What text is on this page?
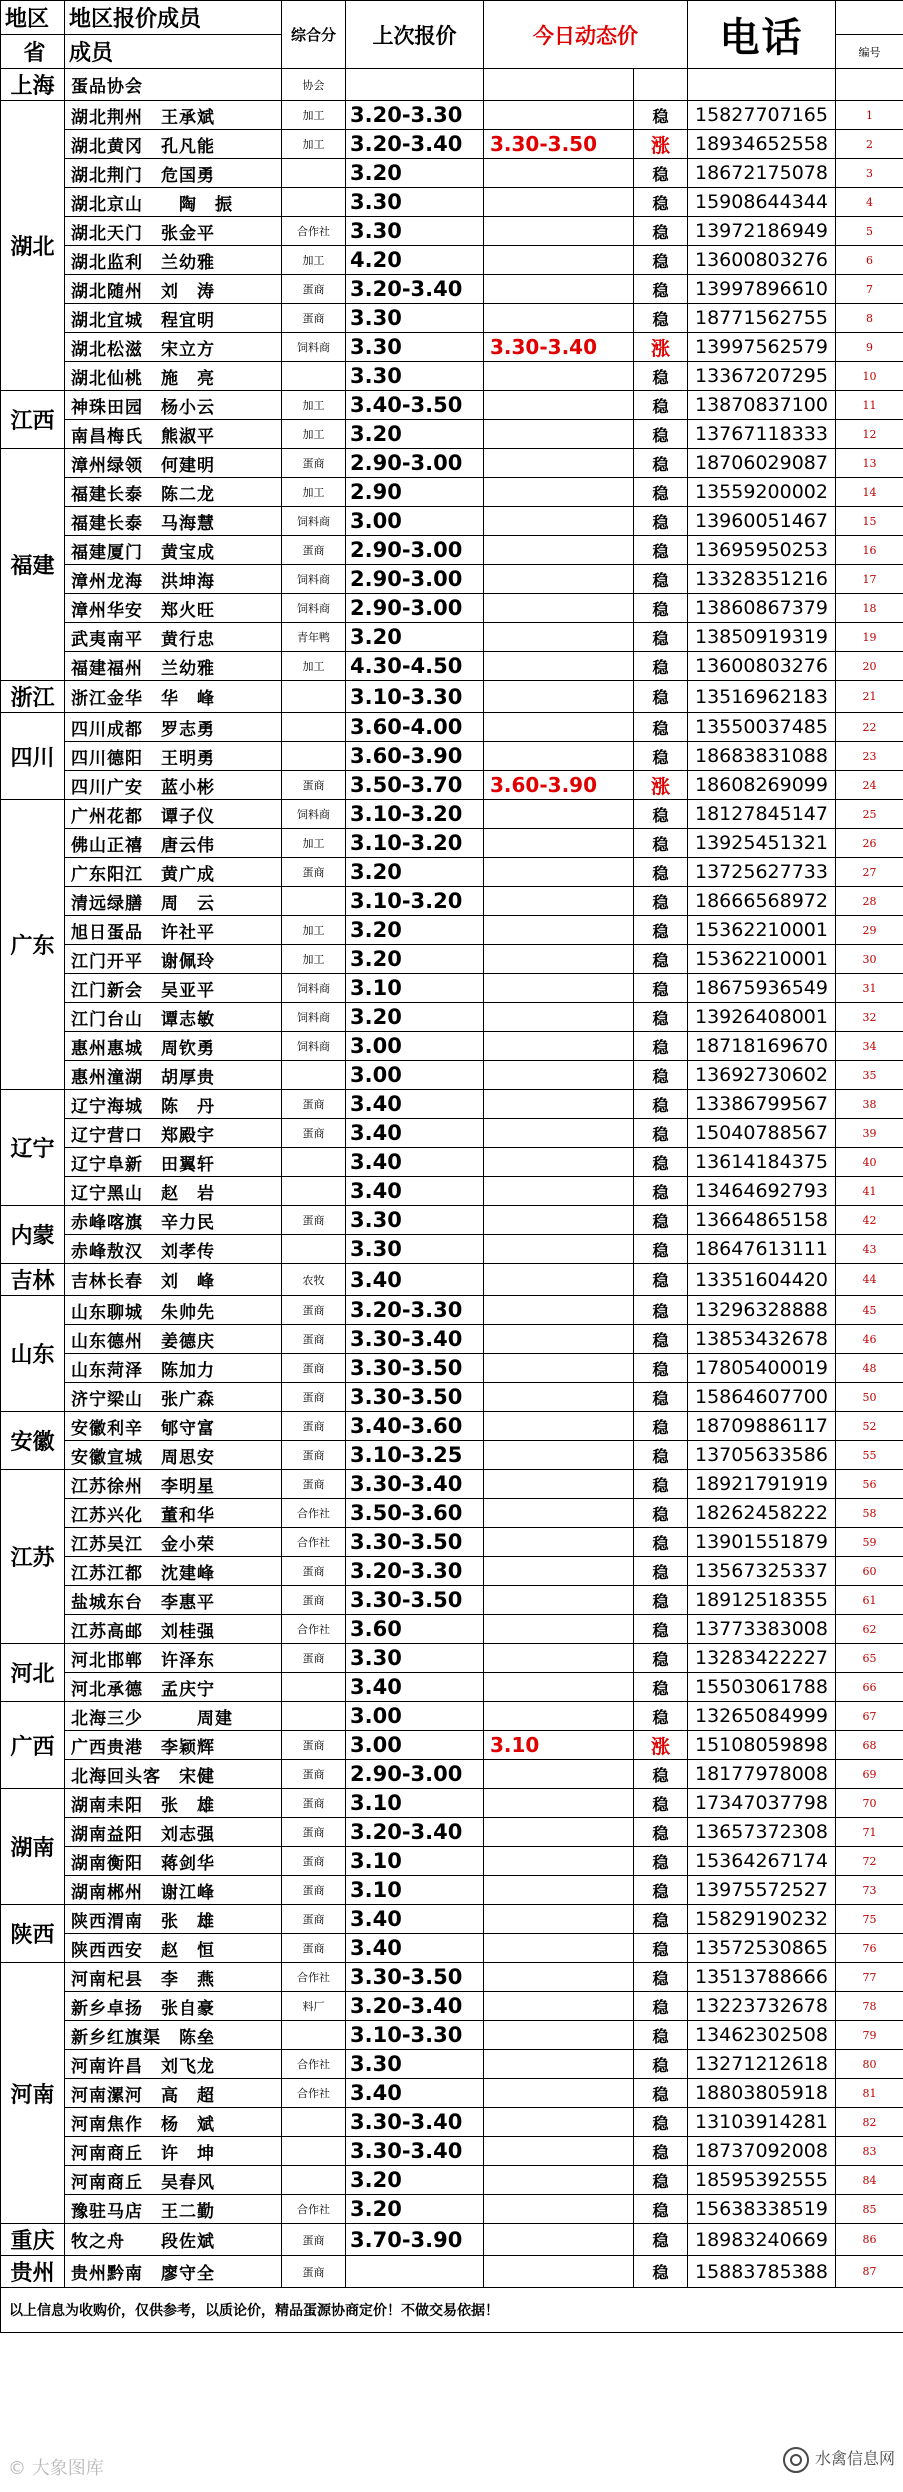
地区	地区报价成员	综合分	上次报价	今日动态价		电话	
省	成员						编号
上海	蛋品协会	协会					
湖北	湖北荆州　王承斌	加工	3.20-3.30		稳	15827707165	1
	湖北黄冈　孔凡能	加工	3.20-3.40	3.30-3.50	涨	18934652558	2
	湖北荆门　危国勇		3.20		稳	18672175078	3
	湖北京山　　陶　振		3.30		稳	15908644344	4
	湖北天门　张金平	合作社	3.30		稳	13972186949	5
	湖北监利　兰幼雅	加工	4.20		稳	13600803276	6
	湖北随州　刘　涛	蛋商	3.20-3.40		稳	13997896610	7
	湖北宜城　程宜明	蛋商	3.30		稳	18771562755	8
	湖北松滋　宋立方	饲料商	3.30	3.30-3.40	涨	13997562579	9
	湖北仙桃　施　亮		3.30		稳	13367207295	10
江西	神珠田园　杨小云	加工	3.40-3.50		稳	13870837100	11
	南昌梅氏　熊淑平	加工	3.20		稳	13767118333	12
福建	漳州绿领　何建明	蛋商	2.90-3.00		稳	18706029087	13
	福建长泰　陈二龙	加工	2.90		稳	13559200002	14
	福建长泰　马海慧	饲料商	3.00		稳	13960051467	15
	福建厦门　黄宝成	蛋商	2.90-3.00		稳	13695950253	16
	漳州龙海　洪坤海	饲料商	2.90-3.00		稳	13328351216	17
	漳州华安　郑火旺	饲料商	2.90-3.00		稳	13860867379	18
	武夷南平　黄行忠	青年鸭	3.20		稳	13850919319	19
	福建福州　兰幼雅	加工	4.30-4.50		稳	13600803276	20
浙江	浙江金华　华　峰		3.10-3.30		稳	13516962183	21
四川	四川成都　罗志勇		3.60-4.00		稳	13550037485	22
	四川德阳　王明勇		3.60-3.90		稳	18683831088	23
	四川广安　蓝小彬	蛋商	3.50-3.70	3.60-3.90	涨	18608269099	24
广东	广州花都　谭子仪	饲料商	3.10-3.20		稳	18127845147	25
	佛山正禧　唐云伟	加工	3.10-3.20		稳	13925451321	26
	广东阳江　黄广成	蛋商	3.20		稳	13725627733	27
	清远绿膳　周　云		3.10-3.20		稳	18666568972	28
	旭日蛋品　许社平	加工	3.20		稳	15362210001	29
	江门开平　谢佩玲	加工	3.20		稳	15362210001	30
	江门新会　吴亚平	饲料商	3.10		稳	18675936549	31
	江门台山　谭志敏	饲料商	3.20		稳	13926408001	32
	惠州惠城　周钦勇	饲料商	3.00		稳	18718169670	34
	惠州潼湖　胡厚贵		3.00		稳	13692730602	35
辽宁	辽宁海城　陈　丹	蛋商	3.40		稳	13386799567	38
	辽宁营口　郑殿宇	蛋商	3.40		稳	15040788567	39
	辽宁阜新　田翼轩		3.40		稳	13614184375	40
	辽宁黑山　赵　岩		3.40		稳	13464692793	41
内蒙	赤峰喀旗　辛力民	蛋商	3.30		稳	13664865158	42
	赤峰敖汉　刘孝传		3.30		稳	18647613111	43
吉林	吉林长春　刘　峰	农牧	3.40		稳	13351604420	44
山东	山东聊城　朱帅先	蛋商	3.20-3.30		稳	13296328888	45
	山东德州　姜德庆	蛋商	3.30-3.40		稳	13853432678	46
	山东菏泽　陈加力	蛋商	3.30-3.50		稳	17805400019	48
	济宁梁山　张广森	蛋商	3.30-3.50		稳	15864607700	50
安徽	安徽利辛　郇守富	蛋商	3.40-3.60		稳	18709886117	52
	安徽宣城　周思安	蛋商	3.10-3.25		稳	13705633586	55
江苏	江苏徐州　李明星	蛋商	3.30-3.40		稳	18921791919	56
	江苏兴化　董和华	合作社	3.50-3.60		稳	18262458222	58
	江苏吴江　金小荣	合作社	3.30-3.50		稳	13901551879	59
	江苏江都　沈建峰	蛋商	3.20-3.30		稳	13567325337	60
	盐城东台　李惠平	蛋商	3.30-3.50		稳	18912518355	61
	江苏高邮　刘桂强	合作社	3.60		稳	13773383008	62
河北	河北邯郸　许泽东	蛋商	3.30		稳	13283422227	65
	河北承德　孟庆宁		3.40		稳	15503061788	66
广西	北海三少　　　周建		3.00		稳	13265084999	67
	广西贵港　李颖辉	蛋商	3.00	3.10	涨	15108059898	68
	北海回头客　宋健	蛋商	2.90-3.00		稳	18177978008	69
湖南	湖南耒阳　张　雄	蛋商	3.10		稳	17347037798	70
	湖南益阳　刘志强	蛋商	3.20-3.40		稳	13657372308	71
	湖南衡阳　蒋剑华	蛋商	3.10		稳	15364267174	72
	湖南郴州　谢江峰	蛋商	3.10		稳	13975572527	73
陕西	陕西渭南　张　雄	蛋商	3.40		稳	15829190232	75
	陕西西安　赵　恒	蛋商	3.40		稳	13572530865	76
河南	河南杞县　李　燕	合作社	3.30-3.50		稳	13513788666	77
	新乡卓扬　张自豪	料厂	3.20-3.40		稳	13223732678	78
	新乡红旗渠　陈垒		3.10-3.30		稳	13462302508	79
	河南许昌　刘飞龙	合作社	3.30		稳	13271212618	80
	河南漯河　高　超	合作社	3.40		稳	18803805918	81
	河南焦作　杨　斌		3.30-3.40		稳	13103914281	82
	河南商丘　许　坤		3.30-3.40		稳	18737092008	83
	河南商丘　吴春风		3.20		稳	18595392555	84
	豫驻马店　王二勤	合作社	3.20		稳	15638338519	85
重庆	牧之舟　　段佐斌	蛋商	3.70-3.90		稳	18983240669	86
贵州	贵州黔南　廖守全	蛋商			稳	15883785388	87
以上信息为收购价，仅供参考，以质论价，精品蛋源协商定价！不做交易依据！							
© 大象图库	水禽信息网
